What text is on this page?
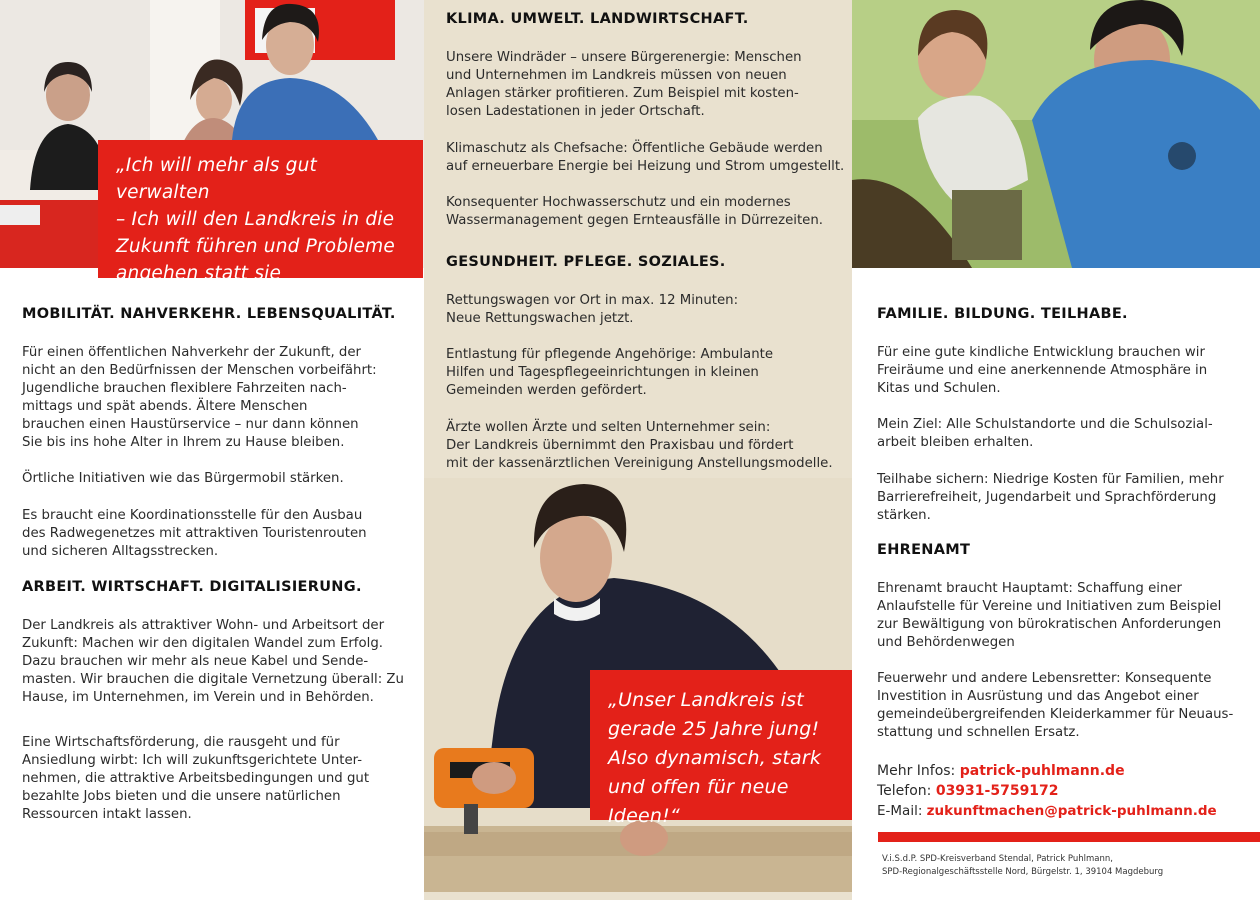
„Ich will mehr als gut verwalten
– Ich will den Landkreis in die
Zukunft führen und Probleme
angehen statt sie auszusitzen.“
MOBILITÄT. NAHVERKEHR. LEBENSQUALITÄT.
Für einen öffentlichen Nahverkehr der Zukunft, der
nicht an den Bedürfnissen der Menschen vorbeifährt:
Jugendliche brauchen flexiblere Fahrzeiten nach-
mittags und spät abends. Ältere Menschen
brauchen einen Haustürservice – nur dann können
Sie bis ins hohe Alter in Ihrem zu Hause bleiben.
Örtliche Initiativen wie das Bürgermobil stärken.
Es braucht eine Koordinationsstelle für den Ausbau
des Radwegenetzes mit attraktiven Touristenrouten
und sicheren Alltagsstrecken.
ARBEIT. WIRTSCHAFT. DIGITALISIERUNG.
Der Landkreis als attraktiver Wohn- und Arbeitsort der
Zukunft: Machen wir den digitalen Wandel zum Erfolg.
Dazu brauchen wir mehr als neue Kabel und Sende-
masten. Wir brauchen die digitale Vernetzung überall: Zu
Hause, im Unternehmen, im Verein und in Behörden.
Eine Wirtschaftsförderung, die rausgeht und für
Ansiedlung wirbt: Ich will zukunftsgerichtete Unter-
nehmen, die attraktive Arbeitsbedingungen und gut
bezahlte Jobs bieten und die unsere natürlichen
Ressourcen intakt lassen.
KLIMA. UMWELT. LANDWIRTSCHAFT.
Unsere Windräder – unsere Bürgerenergie: Menschen
und Unternehmen im Landkreis müssen von neuen
Anlagen stärker profitieren. Zum Beispiel mit kosten-
losen Ladestationen in jeder Ortschaft.
Klimaschutz als Chefsache: Öffentliche Gebäude werden
auf erneuerbare Energie bei Heizung und Strom umgestellt.
Konsequenter Hochwasserschutz und ein modernes
Wassermanagement gegen Ernteausfälle in Dürrezeiten.
GESUNDHEIT. PFLEGE. SOZIALES.
Rettungswagen vor Ort in max. 12 Minuten:
Neue Rettungswachen jetzt.
Entlastung für pflegende Angehörige: Ambulante
Hilfen und Tagespflegeeinrichtungen in kleinen
Gemeinden werden gefördert.
Ärzte wollen Ärzte und selten Unternehmer sein:
Der Landkreis übernimmt den Praxisbau und fördert
mit der kassenärztlichen Vereinigung Anstellungsmodelle.
„Unser Landkreis ist
gerade 25 Jahre jung!
Also dynamisch, stark
und offen für neue Ideen!“
FAMILIE. BILDUNG. TEILHABE.
Für eine gute kindliche Entwicklung brauchen wir
Freiräume und eine anerkennende Atmosphäre in
Kitas und Schulen.
Mein Ziel: Alle Schulstandorte und die Schulsozial-
arbeit bleiben erhalten.
Teilhabe sichern: Niedrige Kosten für Familien, mehr
Barrierefreiheit, Jugendarbeit und Sprachförderung
stärken.
EHRENAMT
Ehrenamt braucht Hauptamt: Schaffung einer
Anlaufstelle für Vereine und Initiativen zum Beispiel
zur Bewältigung von bürokratischen Anforderungen
und Behördenwegen
Feuerwehr und andere Lebensretter: Konsequente
Investition in Ausrüstung und das Angebot einer
gemeindeübergreifenden Kleiderkammer für Neuaus-
stattung und schnellen Ersatz.
Mehr Infos: patrick-puhlmann.de
Telefon: 03931-5759172
E-Mail: zukunftmachen@patrick-puhlmann.de
V.i.S.d.P. SPD-Kreisverband Stendal, Patrick Puhlmann,
SPD-Regionalgeschäftsstelle Nord, Bürgelstr. 1, 39104 Magdeburg
